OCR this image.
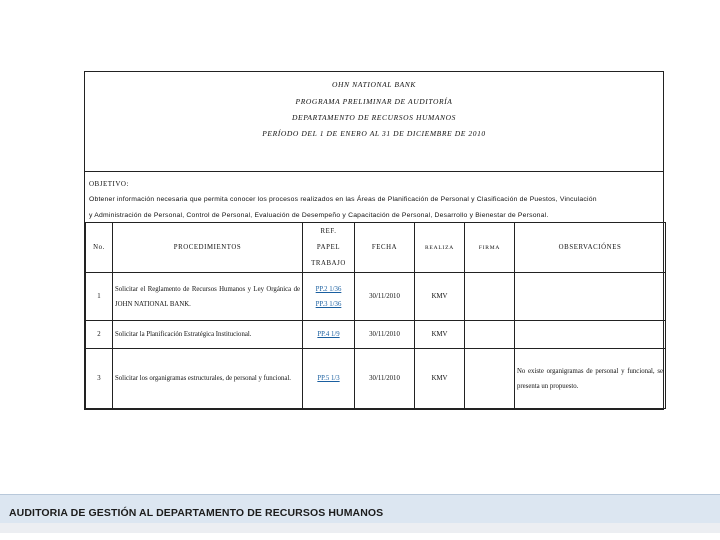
OHN NATIONAL BANK
PROGRAMA PRELIMINAR DE AUDITORÍA
DEPARTAMENTO DE RECURSOS HUMANOS
PERÍODO DEL 1 DE ENERO AL 31 DE DICIEMBRE DE 2010
OBJETIVO:
Obtener información necesaria que permita conocer los procesos realizados en las Áreas de Planificación de Personal y Clasificación de Puestos, Vinculación
y Administración de Personal, Control de Personal, Evaluación de Desempeño y Capacitación de Personal, Desarrollo y Bienestar de Personal.
No.	PROCEDIMIENTOS	REF.
PAPEL
TRABAJO	FECHA	REALIZA	FIRMA	OBSERVACIÓNES
1	Solicitar el Reglamento de Recursos Humanos y Ley Orgánica de JOHN NATIONAL BANK.	PP.2 1/36
PP.3 1/36	30/11/2010	KMV		
2	Solicitar la Planificación Estratégica Institucional.	PP.4 1/9	30/11/2010	KMV		
3	Solicitar los organigramas estructurales, de personal y funcional.	PP.5 1/3	30/11/2010	KMV		No existe organigramas de personal y funcional, se presenta un propuesto.
AUDITORIA DE GESTIÓN AL DEPARTAMENTO DE RECURSOS HUMANOS
